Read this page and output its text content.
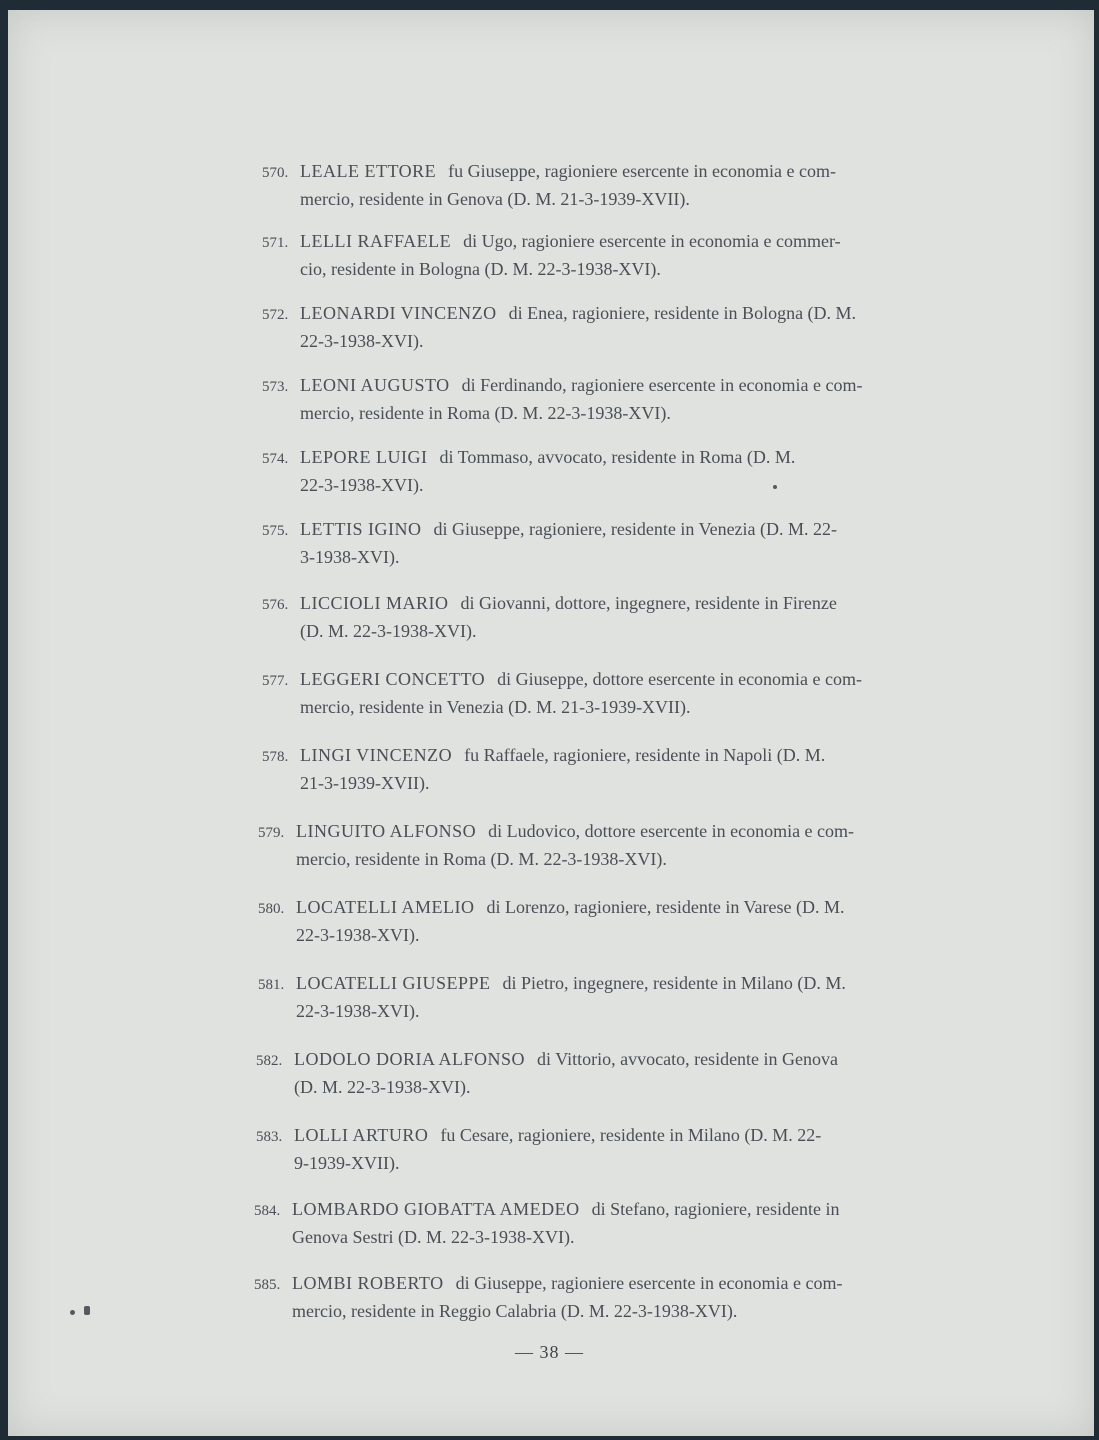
570. LEALE ETTORE fu Giuseppe, ragioniere esercente in economia e com-
mercio, residente in Genova (D. M. 21-3-1939-XVII).
571. LELLI RAFFAELE di Ugo, ragioniere esercente in economia e commer-
cio, residente in Bologna (D. M. 22-3-1938-XVI).
572. LEONARDI VINCENZO di Enea, ragioniere, residente in Bologna (D. M.
22-3-1938-XVI).
573. LEONI AUGUSTO di Ferdinando, ragioniere esercente in economia e com-
mercio, residente in Roma (D. M. 22-3-1938-XVI).
574. LEPORE LUIGI di Tommaso, avvocato, residente in Roma (D. M.
22-3-1938-XVI).
575. LETTIS IGINO di Giuseppe, ragioniere, residente in Venezia (D. M. 22-
3-1938-XVI).
576. LICCIOLI MARIO di Giovanni, dottore, ingegnere, residente in Firenze
(D. M. 22-3-1938-XVI).
577. LEGGERI CONCETTO di Giuseppe, dottore esercente in economia e com-
mercio, residente in Venezia (D. M. 21-3-1939-XVII).
578. LINGI VINCENZO fu Raffaele, ragioniere, residente in Napoli (D. M.
21-3-1939-XVII).
579. LINGUITO ALFONSO di Ludovico, dottore esercente in economia e com-
mercio, residente in Roma (D. M. 22-3-1938-XVI).
580. LOCATELLI AMELIO di Lorenzo, ragioniere, residente in Varese (D. M.
22-3-1938-XVI).
581. LOCATELLI GIUSEPPE di Pietro, ingegnere, residente in Milano (D. M.
22-3-1938-XVI).
582. LODOLO DORIA ALFONSO di Vittorio, avvocato, residente in Genova
(D. M. 22-3-1938-XVI).
583. LOLLI ARTURO fu Cesare, ragioniere, residente in Milano (D. M. 22-
9-1939-XVII).
584. LOMBARDO GIOBATTA AMEDEO di Stefano, ragioniere, residente in
Genova Sestri (D. M. 22-3-1938-XVI).
585. LOMBI ROBERTO di Giuseppe, ragioniere esercente in economia e com-
mercio, residente in Reggio Calabria (D. M. 22-3-1938-XVI).
— 38 —
